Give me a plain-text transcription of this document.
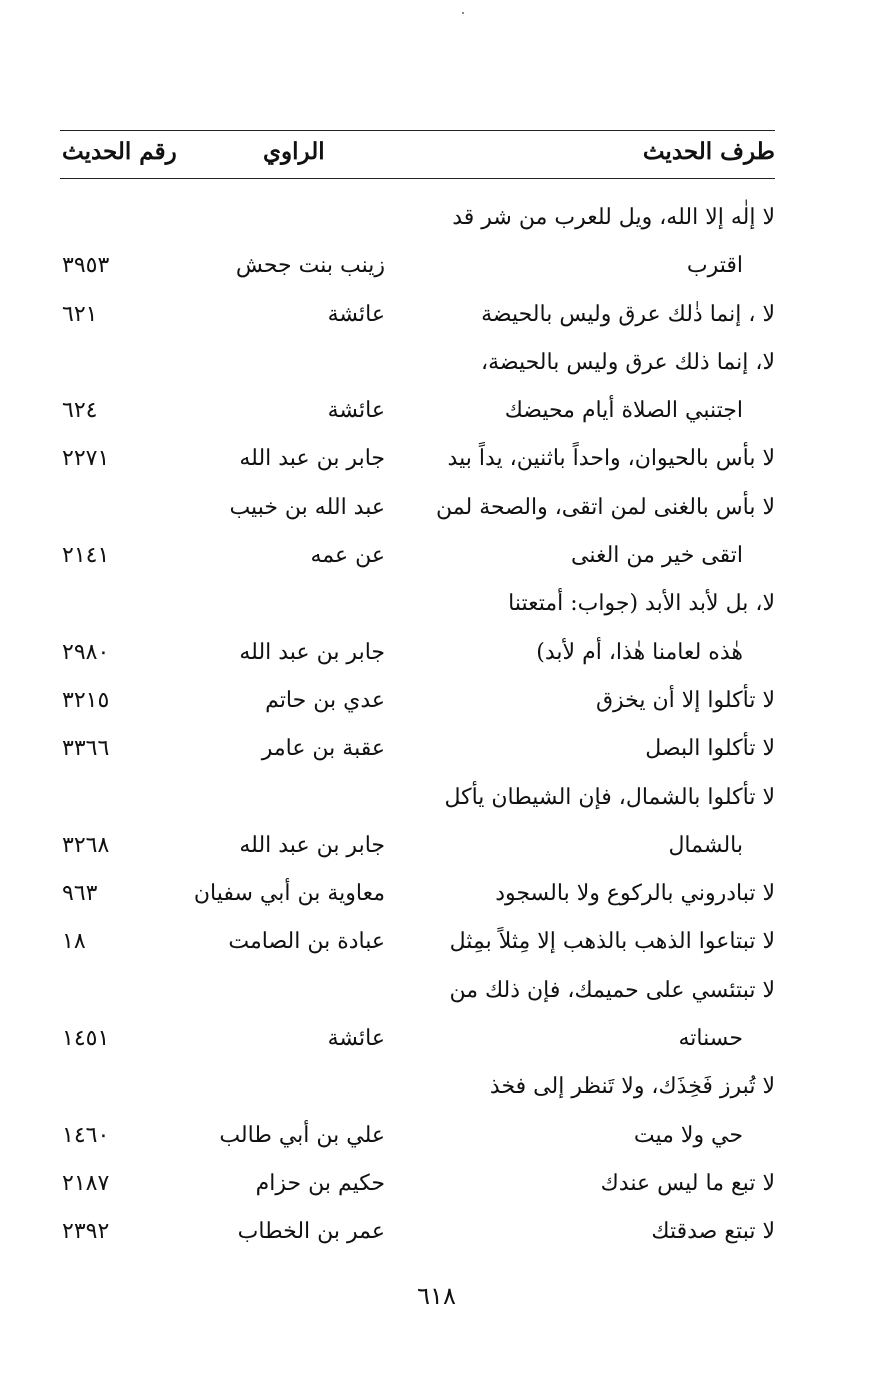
طرف الحديث
الراوي
رقم الحديث
لا إلٰه إلا الله، ويل للعرب من شر قد
اقترب
زينب بنت جحش
٣٩٥٣
لا ، إنما ذٰلك عرق وليس بالحيضة
عائشة
٦٢١
لا، إنما ذلك عرق وليس بالحيضة،
اجتنبي الصلاة أيام محيضك
عائشة
٦٢٤
لا بأس بالحيوان، واحداً باثنين، يداً بيد
جابر بن عبد الله
٢٢٧١
لا بأس بالغنى لمن اتقى، والصحة لمن
عبد الله بن خبيب
اتقى خير من الغنى
عن عمه
٢١٤١
لا، بل لأبد الأبد (جواب: أمتعتنا
هٰذه لعامنا هٰذا، أم لأبد)
جابر بن عبد الله
٢٩٨٠
لا تأكلوا إلا أن يخزق
عدي بن حاتم
٣٢١٥
لا تأكلوا البصل
عقبة بن عامر
٣٣٦٦
لا تأكلوا بالشمال، فإن الشيطان يأكل
بالشمال
جابر بن عبد الله
٣٢٦٨
لا تبادروني بالركوع ولا بالسجود
معاوية بن أبي سفيان
٩٦٣
لا تبتاعوا الذهب بالذهب إلا مِثلاً بمِثل
عبادة بن الصامت
١٨
لا تبتئسي على حميمك، فإن ذلك من
حسناته
عائشة
١٤٥١
لا تُبرز فَخِذَك، ولا تَنظر إلى فخذ
حي ولا ميت
علي بن أبي طالب
١٤٦٠
لا تبع ما ليس عندك
حكيم بن حزام
٢١٨٧
لا تبتع صدقتك
عمر بن الخطاب
٢٣٩٢
٦١٨
